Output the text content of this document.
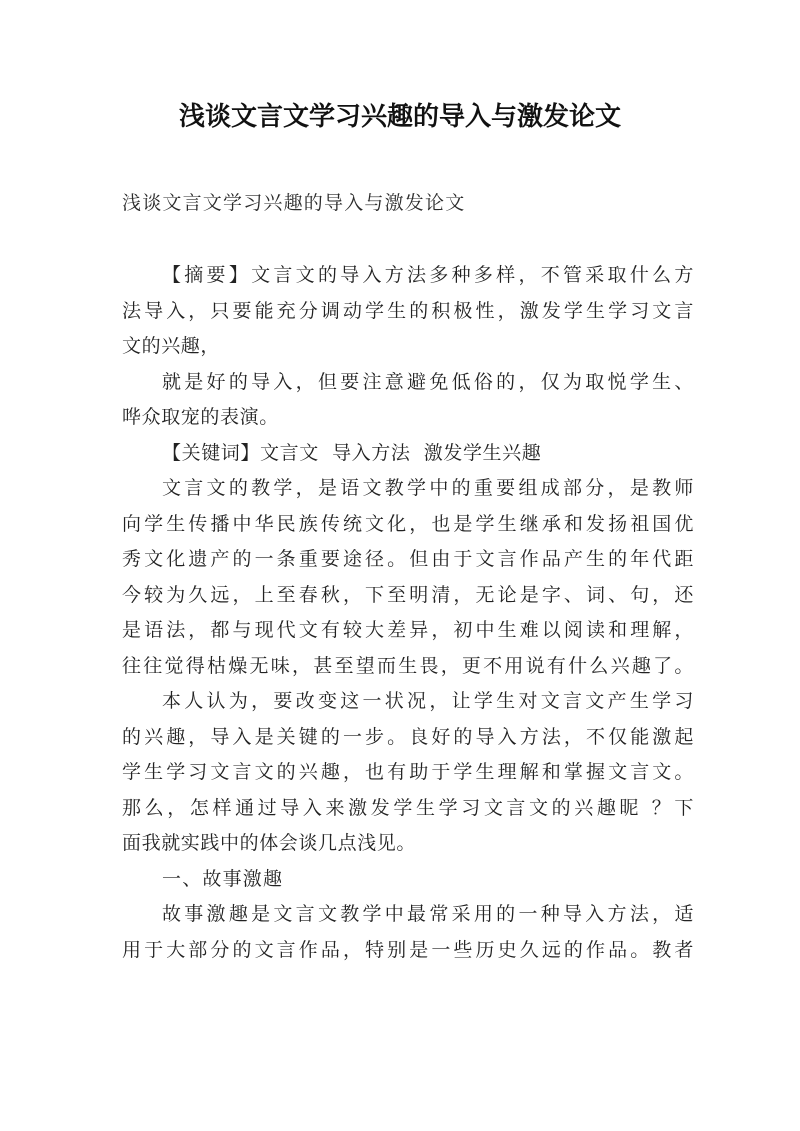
浅谈文言文学习兴趣的导入与激发论文
浅谈文言文学习兴趣的导入与激发论文
【摘要】文言文的导入方法多种多样，不管采取什么方
法导入，只要能充分调动学生的积极性，激发学生学习文言
文的兴趣，
就是好的导入，但要注意避免低俗的，仅为取悦学生、
哗众取宠的表演。
【关键词】文言文  导入方法  激发学生兴趣
文言文的教学，是语文教学中的重要组成部分，是教师
向学生传播中华民族传统文化，也是学生继承和发扬祖国优
秀文化遗产的一条重要途径。但由于文言作品产生的年代距
今较为久远，上至春秋，下至明清，无论是字、词、句，还
是语法，都与现代文有较大差异，初中生难以阅读和理解，
往往觉得枯燥无味，甚至望而生畏，更不用说有什么兴趣了。
本人认为，要改变这一状况，让学生对文言文产生学习
的兴趣，导入是关键的一步。良好的导入方法，不仅能激起
学生学习文言文的兴趣，也有助于学生理解和掌握文言文。
那么，怎样通过导入来激发学生学习文言文的兴趣昵 ？下
面我就实践中的体会谈几点浅见。
一、故事激趣
故事激趣是文言文教学中最常采用的一种导入方法，适
用于大部分的文言作品，特别是一些历史久远的作品。教者
